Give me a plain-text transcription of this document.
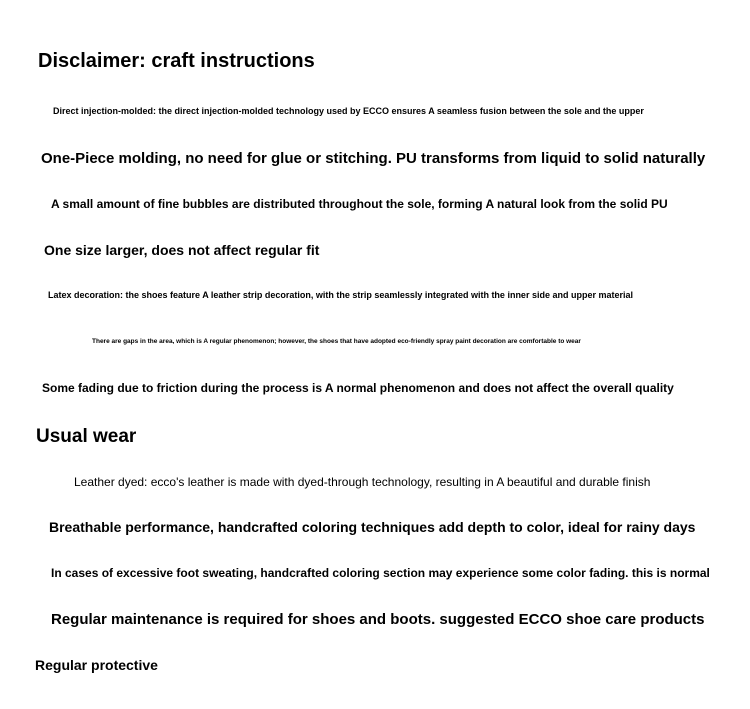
Disclaimer: craft instructions

Direct injection-molded: the direct injection-molded technology used by ECCO ensures A seamless fusion between the sole and the upper

One-Piece molding, no need for glue or stitching. PU transforms from liquid to solid naturally

A small amount of fine bubbles are distributed throughout the sole, forming A natural look from the solid PU

One size larger, does not affect regular fit

Latex decoration: the shoes feature A leather strip decoration, with the strip seamlessly integrated with the inner side and upper material

There are gaps in the area, which is A regular phenomenon; however, the shoes that have adopted eco-friendly spray paint decoration are comfortable to wear

Some fading due to friction during the process is A normal phenomenon and does not affect the overall quality

Usual wear

Leather dyed: ecco's leather is made with dyed-through technology, resulting in A beautiful and durable finish

Breathable performance, handcrafted coloring techniques add depth to color, ideal for rainy days

In cases of excessive foot sweating, handcrafted coloring section may experience some color fading. this is normal

Regular maintenance is required for shoes and boots. suggested ECCO shoe care products

Regular protective
